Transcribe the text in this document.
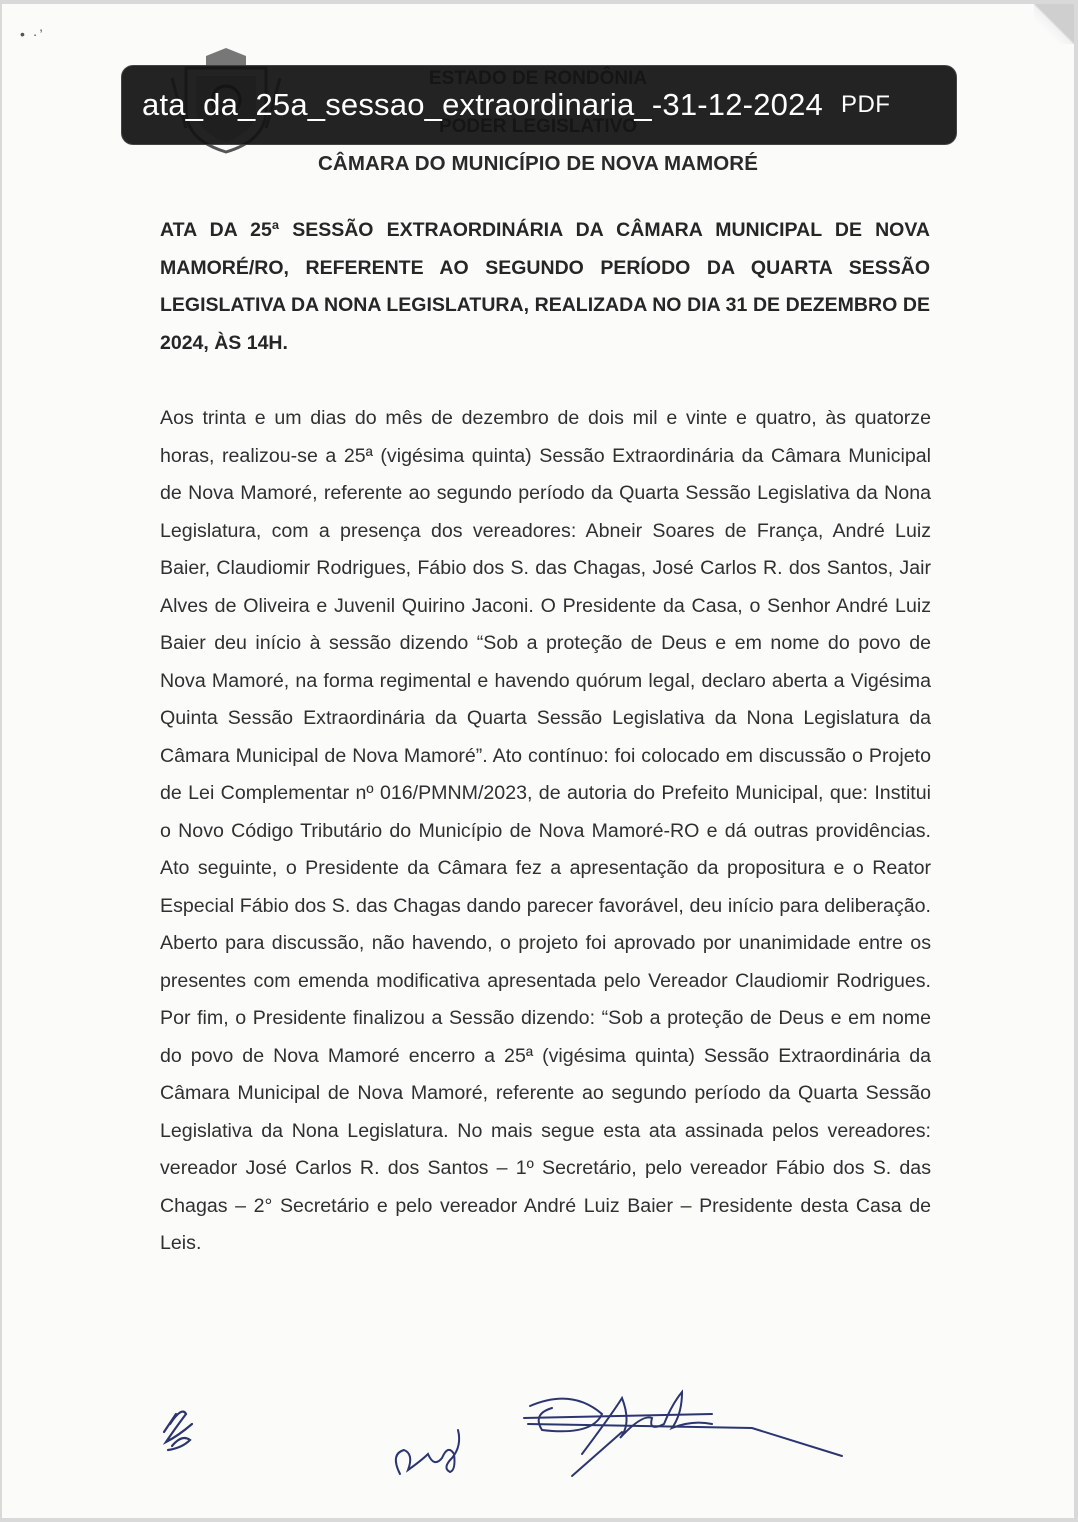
• ·’
CÂMARA DO MUNICÍPIO DE NOVA MAMORÉ

ATA DA 25ª SESSÃO EXTRAORDINÁRIA DA CÂMARA MUNICIPAL DE NOVA MAMORÉ/RO, REFERENTE AO SEGUNDO PERÍODO DA QUARTA SESSÃO LEGISLATIVA DA NONA LEGISLATURA, REALIZADA NO DIA 31 DE DEZEMBRO DE 2024, ÀS 14H.

Aos trinta e um dias do mês de dezembro de dois mil e vinte e quatro, às quatorze horas, realizou-se a 25ª (vigésima quinta) Sessão Extraordinária da Câmara Municipal de Nova Mamoré, referente ao segundo período da Quarta Sessão Legislativa da Nona Legislatura, com a presença dos vereadores: Abneir Soares de França, André Luiz Baier, Claudiomir Rodrigues, Fábio dos S. das Chagas, José Carlos R. dos Santos, Jair Alves de Oliveira e Juvenil Quirino Jaconi. O Presidente da Casa, o Senhor André Luiz Baier deu início à sessão dizendo “Sob a proteção de Deus e em nome do povo de Nova Mamoré, na forma regimental e havendo quórum legal, declaro aberta a Vigésima Quinta Sessão Extraordinária da Quarta Sessão Legislativa da Nona Legislatura da Câmara Municipal de Nova Mamoré”. Ato contínuo: foi colocado em discussão o Projeto de Lei Complementar nº 016/PMNM/2023, de autoria do Prefeito Municipal, que: Institui o Novo Código Tributário do Município de Nova Mamoré-RO e dá outras providências. Ato seguinte, o Presidente da Câmara fez a apresentação da propositura e o Reator Especial Fábio dos S. das Chagas dando parecer favorável, deu início para deliberação. Aberto para discussão, não havendo, o projeto foi aprovado por unanimidade entre os presentes com emenda modificativa apresentada pelo Vereador Claudiomir Rodrigues. Por fim, o Presidente finalizou a Sessão dizendo: “Sob a proteção de Deus e em nome do povo de Nova Mamoré encerro a 25ª (vigésima quinta) Sessão Extraordinária da Câmara Municipal de Nova Mamoré, referente ao segundo período da Quarta Sessão Legislativa da Nona Legislatura. No mais segue esta ata assinada pelos vereadores: vereador José Carlos R. dos Santos – 1º Secretário, pelo vereador Fábio dos S. das Chagas – 2° Secretário e pelo vereador André Luiz Baier – Presidente desta Casa de Leis.

ata_da_25a_sessao_extraordinaria_-31-12-2024 PDF
